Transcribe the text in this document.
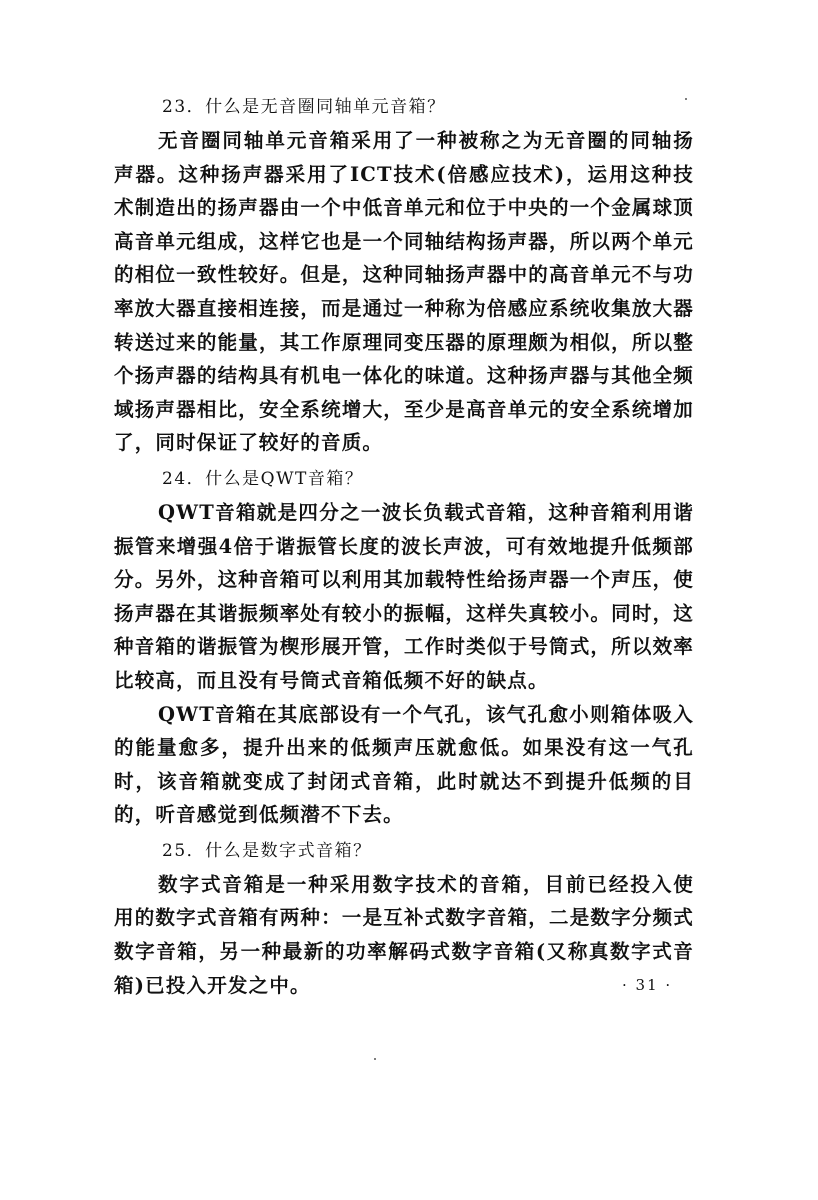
23．什么是无音圈同轴单元音箱？

无音圈同轴单元音箱采用了一种被称之为无音圈的同轴扬声器。这种扬声器采用了ICT技术(倍感应技术)，运用这种技术制造出的扬声器由一个中低音单元和位于中央的一个金属球顶高音单元组成，这样它也是一个同轴结构扬声器，所以两个单元的相位一致性较好。但是，这种同轴扬声器中的高音单元不与功率放大器直接相连接，而是通过一种称为倍感应系统收集放大器转送过来的能量，其工作原理同变压器的原理颇为相似，所以整个扬声器的结构具有机电一体化的味道。这种扬声器与其他全频域扬声器相比，安全系统增大，至少是高音单元的安全系统增加了，同时保证了较好的音质。

24．什么是QWT音箱？

QWT音箱就是四分之一波长负载式音箱，这种音箱利用谐振管来增强4倍于谐振管长度的波长声波，可有效地提升低频部分。另外，这种音箱可以利用其加载特性给扬声器一个声压，使扬声器在其谐振频率处有较小的振幅，这样失真较小。同时，这种音箱的谐振管为楔形展开管，工作时类似于号筒式，所以效率比较高，而且没有号筒式音箱低频不好的缺点。

QWT音箱在其底部设有一个气孔，该气孔愈小则箱体吸入的能量愈多，提升出来的低频声压就愈低。如果没有这一气孔时，该音箱就变成了封闭式音箱，此时就达不到提升低频的目的，听音感觉到低频潜不下去。

25．什么是数字式音箱？

数字式音箱是一种采用数字技术的音箱，目前已经投入使用的数字式音箱有两种：一是互补式数字音箱，二是数字分频式数字音箱，另一种最新的功率解码式数字音箱(又称真数字式音箱)已投入开发之中。	· 31 ·
